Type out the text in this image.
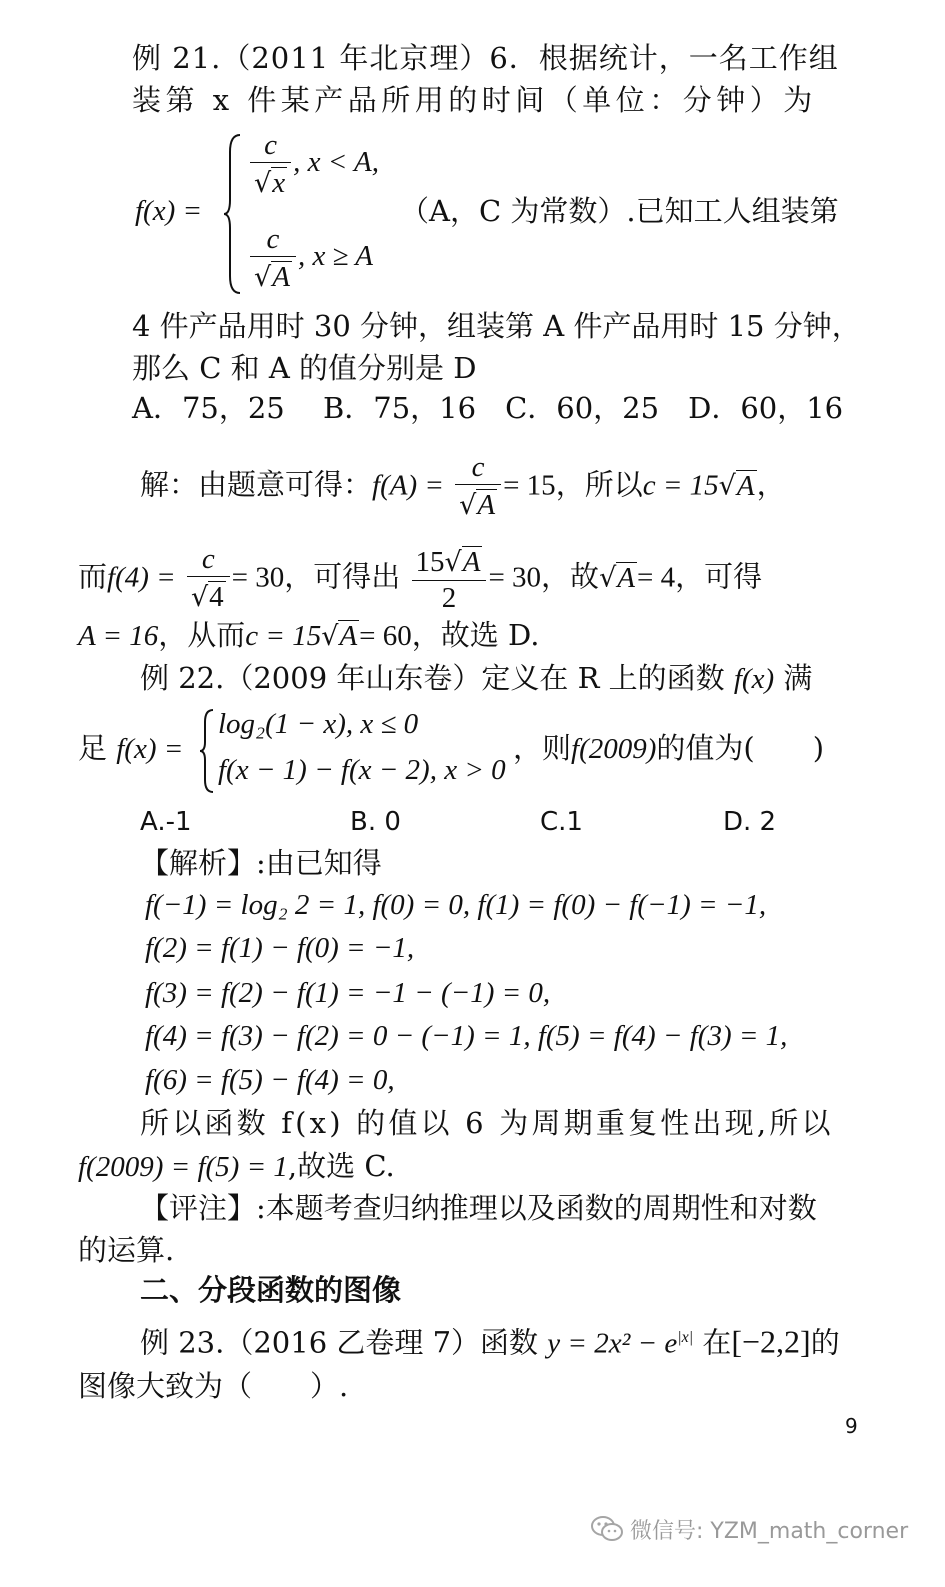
例 21.（2011 年北京理）6．根据统计，一名工作组
装第 x 件某产品所用的时间（单位：分钟）为
f(x) =
$\frac{c}{√x}$ , x < A,
$\frac{c}{√A}$ , x ≥ A
（A，C 为常数）.已知工人组装第
4 件产品用时 30 分钟，组装第 A 件产品用时 15 分钟，
那么 C 和 A 的值分别是 D
A．75，25　 B．75，16　C．60，25　D．60，16
解：由题意可得：$f(A) = \frac{c}{√A} = 15$，所以c = 15√A，
而$f(4) = \frac{c}{√4} = 30$，可得出 $\frac{15√A}{2} = 30$，故√A= 4，可得
A = 16，从而c = 15√A= 60，故选 D.
例 22.（2009 年山东卷）定义在 R 上的函数 f(x) 满
足 f(x) =
log₂(1 − x), x ≤ 0
f(x − 1) − f(x − 2), x > 0
，则f(2009)的值为(　　)
A.-1	B. 0	C.1	D. 2
【解析】:由已知得
f(−1) = log₂ 2 = 1, f(0) = 0, f(1) = f(0) − f(−1) = −1,
f(2) = f(1) − f(0) = −1,
f(3) = f(2) − f(1) = −1 − (−1) = 0,
f(4) = f(3) − f(2) = 0 − (−1) = 1, f(5) = f(4) − f(3) = 1,
f(6) = f(5) − f(4) = 0,
所以函数 f(x) 的值以 6 为周期重复性出现,所以
f(2009) = f(5) = 1,故选 C.
【评注】:本题考查归纳推理以及函数的周期性和对数
的运算.
二、分段函数的图像
例 23.（2016 乙卷理 7）函数 $y = 2x^2 - e^{|x|}$ 在[−2,2]的
图像大致为（　　）.
9
微信号: YZM_math_corner
